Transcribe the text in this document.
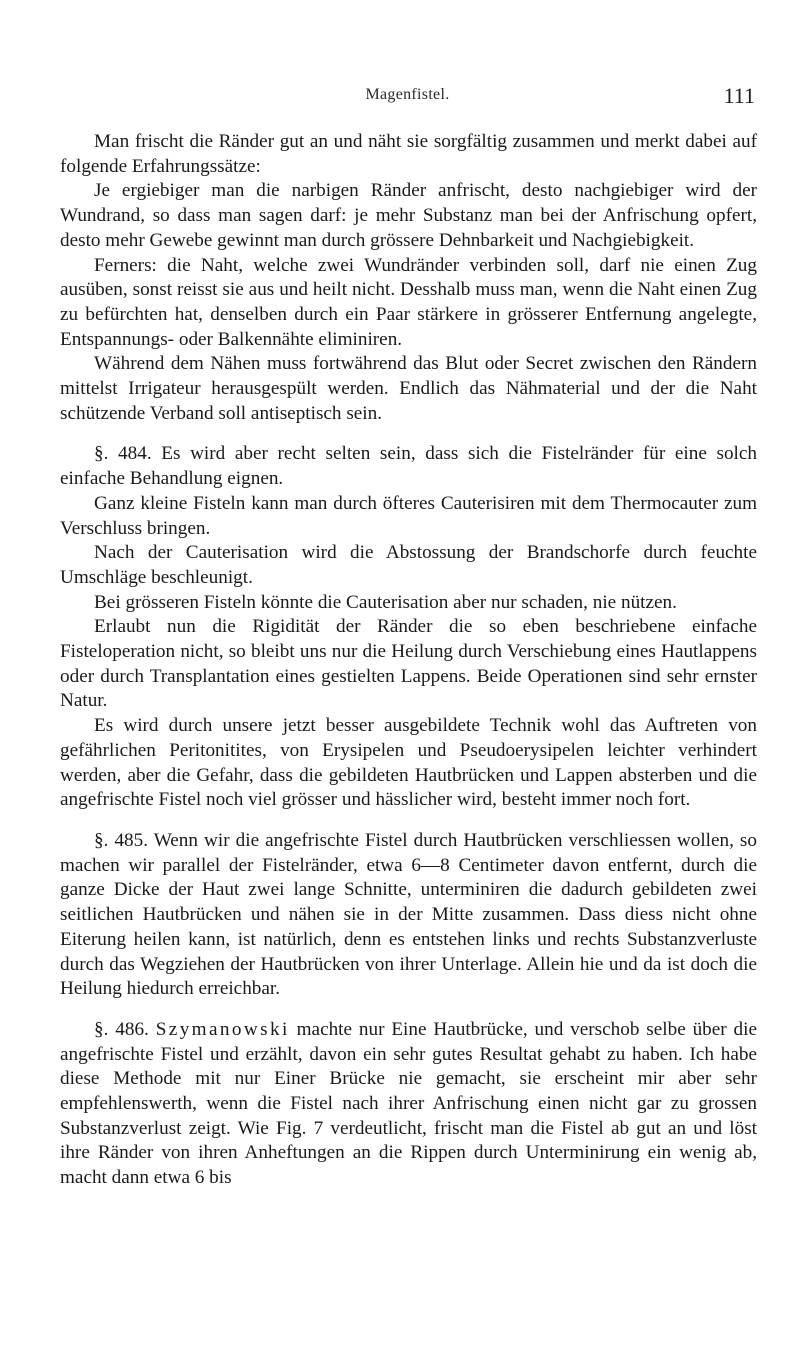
Magenfistel.	111

Man frischt die Ränder gut an und näht sie sorgfältig zusammen und merkt dabei auf folgende Erfahrungssätze:

Je ergiebiger man die narbigen Ränder anfrischt, desto nachgiebiger wird der Wundrand, so dass man sagen darf: je mehr Substanz man bei der Anfrischung opfert, desto mehr Gewebe gewinnt man durch grössere Dehnbarkeit und Nachgiebigkeit.

Ferners: die Naht, welche zwei Wundränder verbinden soll, darf nie einen Zug ausüben, sonst reisst sie aus und heilt nicht. Desshalb muss man, wenn die Naht einen Zug zu befürchten hat, denselben durch ein Paar stärkere in grösserer Entfernung angelegte, Entspannungs- oder Balkennähte eliminiren.

Während dem Nähen muss fortwährend das Blut oder Secret zwischen den Rändern mittelst Irrigateur herausgespült werden. Endlich das Nähmaterial und der die Naht schützende Verband soll antiseptisch sein.

§. 484. Es wird aber recht selten sein, dass sich die Fistelränder für eine solch einfache Behandlung eignen.

Ganz kleine Fisteln kann man durch öfteres Cauterisiren mit dem Thermocauter zum Verschluss bringen.

Nach der Cauterisation wird die Abstossung der Brandschorfe durch feuchte Umschläge beschleunigt.

Bei grösseren Fisteln könnte die Cauterisation aber nur schaden, nie nützen.

Erlaubt nun die Rigidität der Ränder die so eben beschriebene einfache Fisteloperation nicht, so bleibt uns nur die Heilung durch Verschiebung eines Hautlappens oder durch Transplantation eines gestielten Lappens. Beide Operationen sind sehr ernster Natur.

Es wird durch unsere jetzt besser ausgebildete Technik wohl das Auftreten von gefährlichen Peritonitites, von Erysipelen und Pseudoerysipelen leichter verhindert werden, aber die Gefahr, dass die gebildeten Hautbrücken und Lappen absterben und die angefrischte Fistel noch viel grösser und hässlicher wird, besteht immer noch fort.

§. 485. Wenn wir die angefrischte Fistel durch Hautbrücken verschliessen wollen, so machen wir parallel der Fistelränder, etwa 6—8 Centimeter davon entfernt, durch die ganze Dicke der Haut zwei lange Schnitte, unterminiren die dadurch gebildeten zwei seitlichen Hautbrücken und nähen sie in der Mitte zusammen. Dass diess nicht ohne Eiterung heilen kann, ist natürlich, denn es entstehen links und rechts Substanzverluste durch das Wegziehen der Hautbrücken von ihrer Unterlage. Allein hie und da ist doch die Heilung hiedurch erreichbar.

§. 486. Szymanowski machte nur Eine Hautbrücke, und verschob selbe über die angefrischte Fistel und erzählt, davon ein sehr gutes Resultat gehabt zu haben. Ich habe diese Methode mit nur Einer Brücke nie gemacht, sie erscheint mir aber sehr empfehlenswerth, wenn die Fistel nach ihrer Anfrischung einen nicht gar zu grossen Substanzverlust zeigt. Wie Fig. 7 verdeutlicht, frischt man die Fistel ab gut an und löst ihre Ränder von ihren Anheftungen an die Rippen durch Unterminirung ein wenig ab, macht dann etwa 6 bis
